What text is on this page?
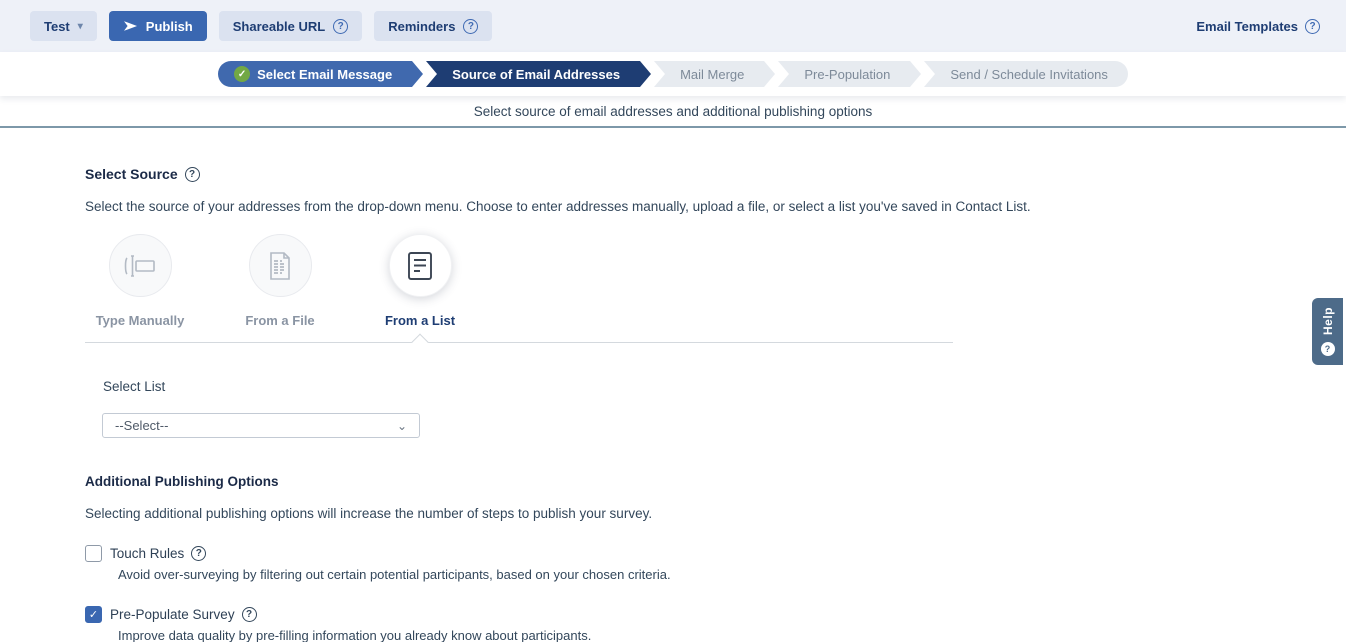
Test ▾	Publish	Shareable URL	?	Reminders	?	Email Templates	?
✓ Select Email Message	Source of Email Addresses	Mail Merge	Pre-Population	Send / Schedule Invitations
Select source of email addresses and additional publishing options
Select Source	?
Select the source of your addresses from the drop-down menu. Choose to enter addresses manually, upload a file, or select a list you've saved in Contact List.
Type Manually	From a File	From a List
Select List
--Select--	⌄
Additional Publishing Options
Selecting additional publishing options will increase the number of steps to publish your survey.
Touch Rules	?
Avoid over-surveying by filtering out certain potential participants, based on your chosen criteria.
✓ Pre-Populate Survey	?
Improve data quality by pre-filling information you already know about participants.
Help
?
